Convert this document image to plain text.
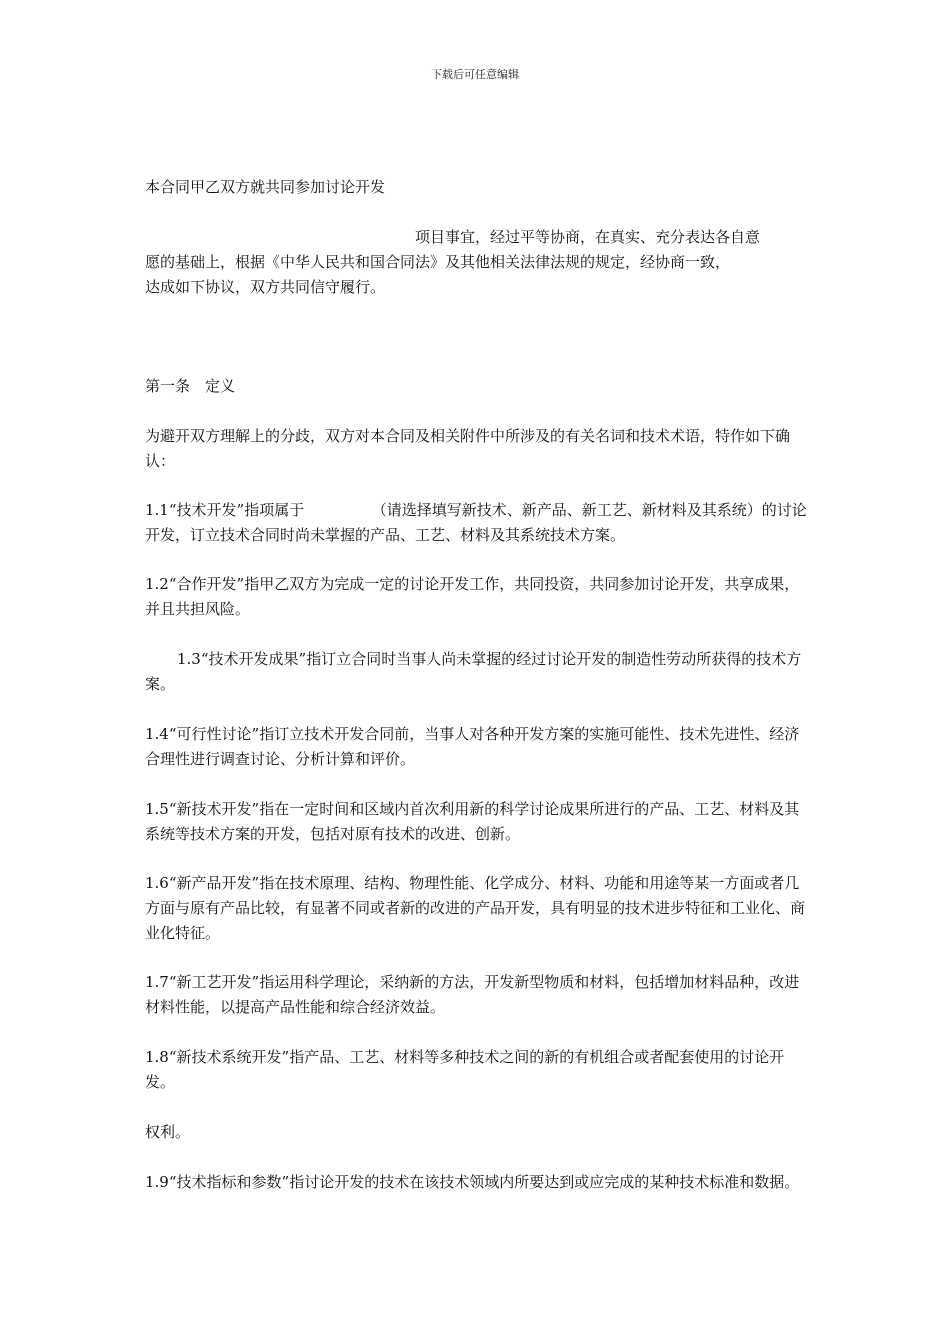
下载后可任意编辑
本合同甲乙双方就共同参加讨论开发
项目事宜，经过平等协商，在真实、充分表达各自意
愿的基础上，根据《中华人民共和国合同法》及其他相关法律法规的规定，经协商一致，
达成如下协议，双方共同信守履行。
第一条　定义
为避开双方理解上的分歧，双方对本合同及相关附件中所涉及的有关名词和技术术语，特作如下确认：
1.1“技术开发”指项属于　　　　　（请选择填写新技术、新产品、新工艺、新材料及其系统）的讨论开发，订立技术合同时尚未掌握的产品、工艺、材料及其系统技术方案。
1.2“合作开发”指甲乙双方为完成一定的讨论开发工作，共同投资，共同参加讨论开发，共享成果，并且共担风险。
1.3“技术开发成果”指订立合同时当事人尚未掌握的经过讨论开发的制造性劳动所获得的技术方案。
1.4“可行性讨论”指订立技术开发合同前，当事人对各种开发方案的实施可能性、技术先进性、经济合理性进行调查讨论、分析计算和评价。
1.5“新技术开发”指在一定时间和区域内首次利用新的科学讨论成果所进行的产品、工艺、材料及其系统等技术方案的开发，包括对原有技术的改进、创新。
1.6“新产品开发”指在技术原理、结构、物理性能、化学成分、材料、功能和用途等某一方面或者几方面与原有产品比较，有显著不同或者新的改进的产品开发，具有明显的技术进步特征和工业化、商业化特征。
1.7“新工艺开发”指运用科学理论，采纳新的方法，开发新型物质和材料，包括增加材料品种，改进材料性能，以提高产品性能和综合经济效益。
1.8“新技术系统开发”指产品、工艺、材料等多种技术之间的新的有机组合或者配套使用的讨论开发。
权利。
1.9“技术指标和参数”指讨论开发的技术在该技术领域内所要达到或应完成的某种技术标准和数据。
